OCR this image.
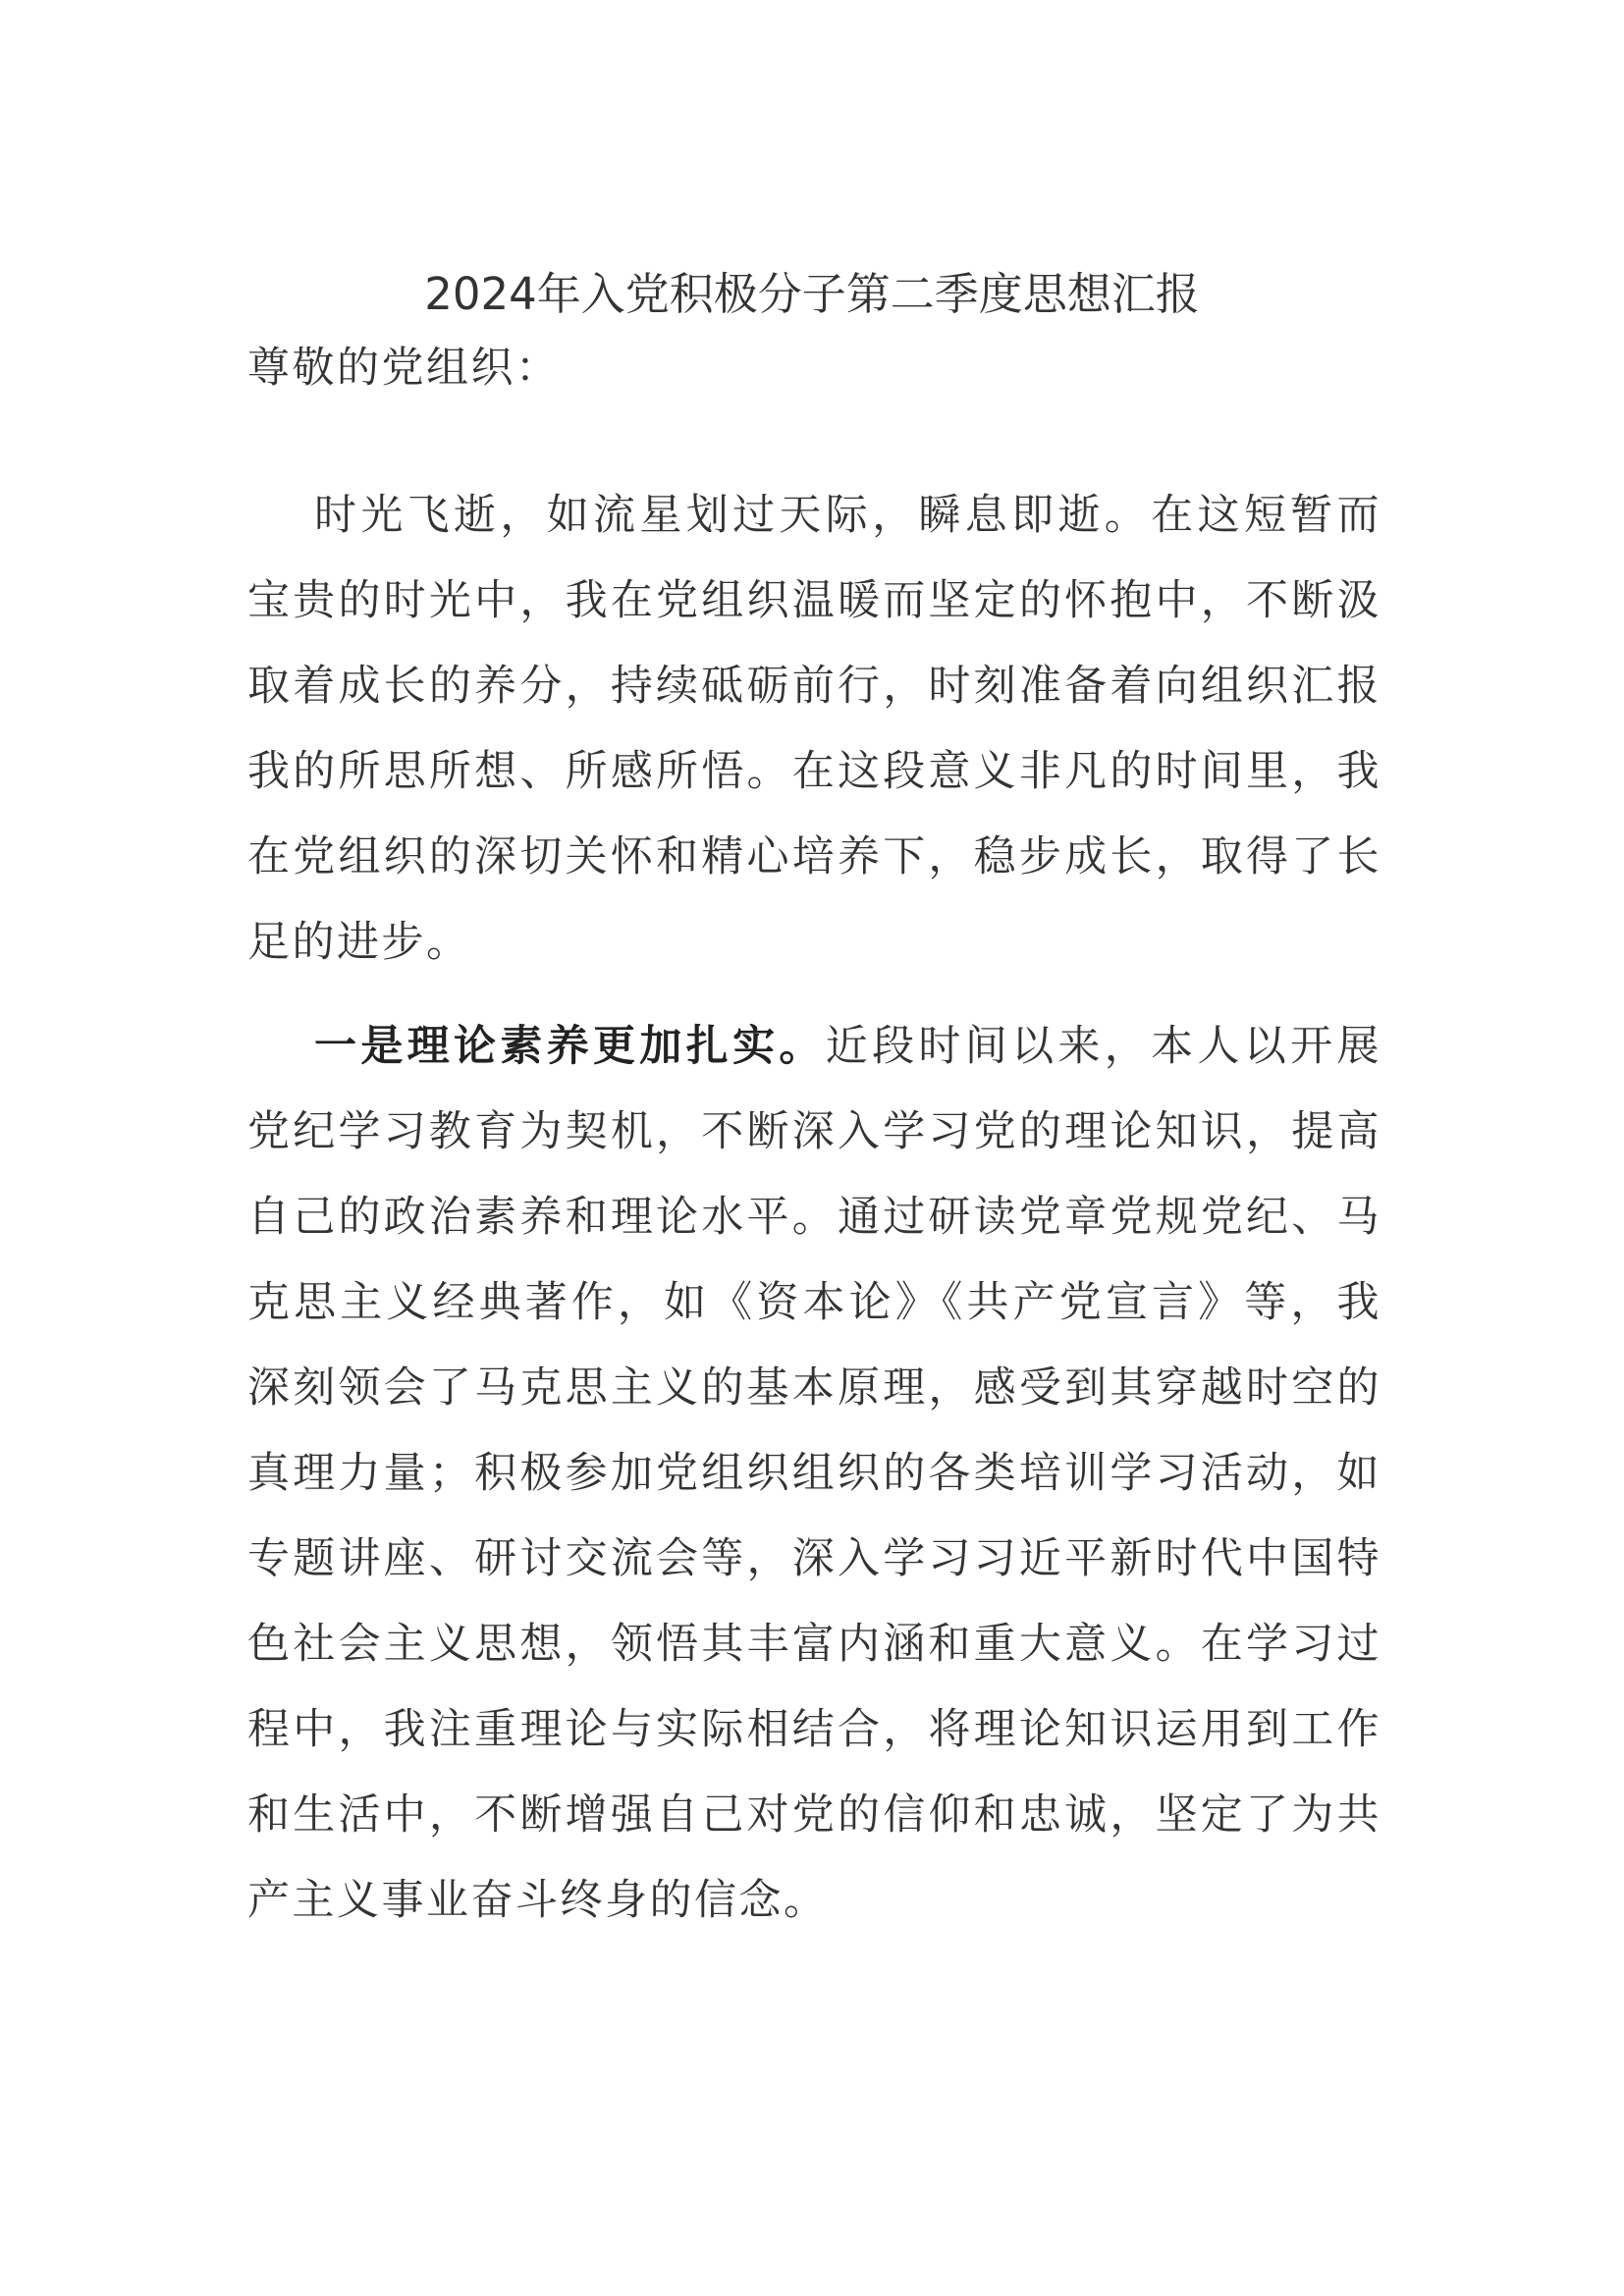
2024年入党积极分子第二季度思想汇报

尊敬的党组织：

时光飞逝，如流星划过天际，瞬息即逝。在这短暂而宝贵的时光中，我在党组织温暖而坚定的怀抱中，不断汲取着成长的养分，持续砥砺前行，时刻准备着向组织汇报我的所思所想、所感所悟。在这段意义非凡的时间里，我在党组织的深切关怀和精心培养下，稳步成长，取得了长足的进步。

一是理论素养更加扎实。近段时间以来，本人以开展党纪学习教育为契机，不断深入学习党的理论知识，提高自己的政治素养和理论水平。通过研读党章党规党纪、马克思主义经典著作，如《资本论》《共产党宣言》等，我深刻领会了马克思主义的基本原理，感受到其穿越时空的真理力量；积极参加党组织组织的各类培训学习活动，如专题讲座、研讨交流会等，深入学习习近平新时代中国特色社会主义思想，领悟其丰富内涵和重大意义。在学习过程中，我注重理论与实际相结合，将理论知识运用到工作和生活中，不断增强自己对党的信仰和忠诚，坚定了为共产主义事业奋斗终身的信念。
